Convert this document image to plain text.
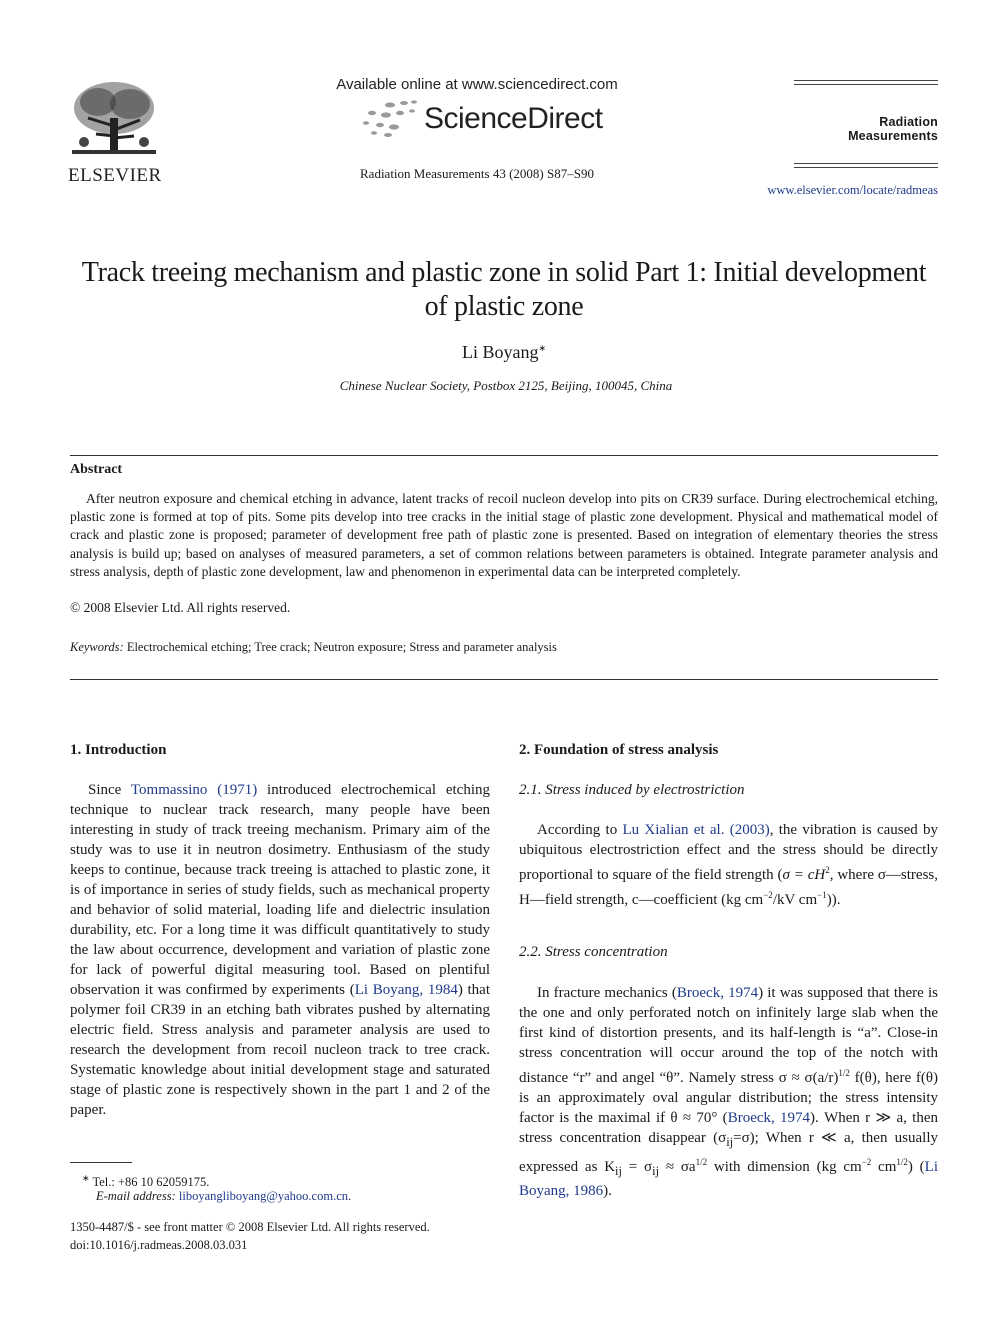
ELSEVIER
Available online at www.sciencedirect.com
ScienceDirect
Radiation Measurements 43 (2008) S87–S90
Radiation Measurements
www.elsevier.com/locate/radmeas
Track treeing mechanism and plastic zone in solid Part 1: Initial development
of plastic zone
Li Boyang∗
Chinese Nuclear Society, Postbox 2125, Beijing, 100045, China
Abstract

After neutron exposure and chemical etching in advance, latent tracks of recoil nucleon develop into pits on CR39 surface. During electrochemical etching, plastic zone is formed at top of pits. Some pits develop into tree cracks in the initial stage of plastic zone development. Physical and mathematical model of crack and plastic zone is proposed; parameter of development free path of plastic zone is presented. Based on integration of elementary theories the stress analysis is build up; based on analyses of measured parameters, a set of common relations between parameters is obtained. Integrate parameter analysis and stress analysis, depth of plastic zone development, law and phenomenon in experimental data can be interpreted completely.

© 2008 Elsevier Ltd. All rights reserved.
Keywords: Electrochemical etching; Tree crack; Neutron exposure; Stress and parameter analysis
1. Introduction

Since Tommassino (1971) introduced electrochemical etching technique to nuclear track research, many people have been interesting in study of track treeing mechanism. Primary aim of the study was to use it in neutron dosimetry. Enthusiasm of the study keeps to continue, because track treeing is attached to plastic zone, it is of importance in series of study fields, such as mechanical property and behavior of solid material, loading life and dielectric insulation durability, etc. For a long time it was difficult quantitatively to study the law about occurrence, development and variation of plastic zone for lack of powerful digital measuring tool. Based on plentiful observation it was confirmed by experiments (Li Boyang, 1984) that polymer foil CR39 in an etching bath vibrates pushed by alternating electric field. Stress analysis and parameter analysis are used to research the development from recoil nucleon track to tree crack. Systematic knowledge about initial development stage and saturated stage of plastic zone is respectively shown in the part 1 and 2 of the paper.

∗ Tel.: +86 10 62059175.
E-mail address: liboyangliboyang@yahoo.com.cn.
1350-4487/$ - see front matter © 2008 Elsevier Ltd. All rights reserved.
doi:10.1016/j.radmeas.2008.03.031
2. Foundation of stress analysis
2.1. Stress induced by electrostriction

According to Lu Xialian et al. (2003), the vibration is caused by ubiquitous electrostriction effect and the stress should be directly proportional to square of the field strength ($\sigma = cH^2$, where σ—stress, H—field strength, c—coefficient (kg $cm^{-2}/kV$ $cm^{-1}$)).

2.2. Stress concentration

In fracture mechanics (Broeck, 1974) it was supposed that there is the one and only perforated notch on infinitely large slab when the first kind of distortion presents, and its half-length is “a”. Close-in stress concentration will occur around the top of the notch with distance “r” and angel “θ”. Namely stress $\sigma \approx \sigma(a/r)^{1/2}$ f(θ), here f(θ) is an approximately oval angular distribution; the stress intensity factor is the maximal if θ ≈ 70° (Broeck, 1974). When r ≫ a, then stress concentration disappear $(\sigma_{ij}=\sigma)$; When r ≪ a, then usually expressed as $K_{ij} = \sigma_{ij} \approx \sigma a^{1/2}$ with dimension (kg $cm^{-2}$ $cm^{1/2}$) (Li Boyang, 1986).
